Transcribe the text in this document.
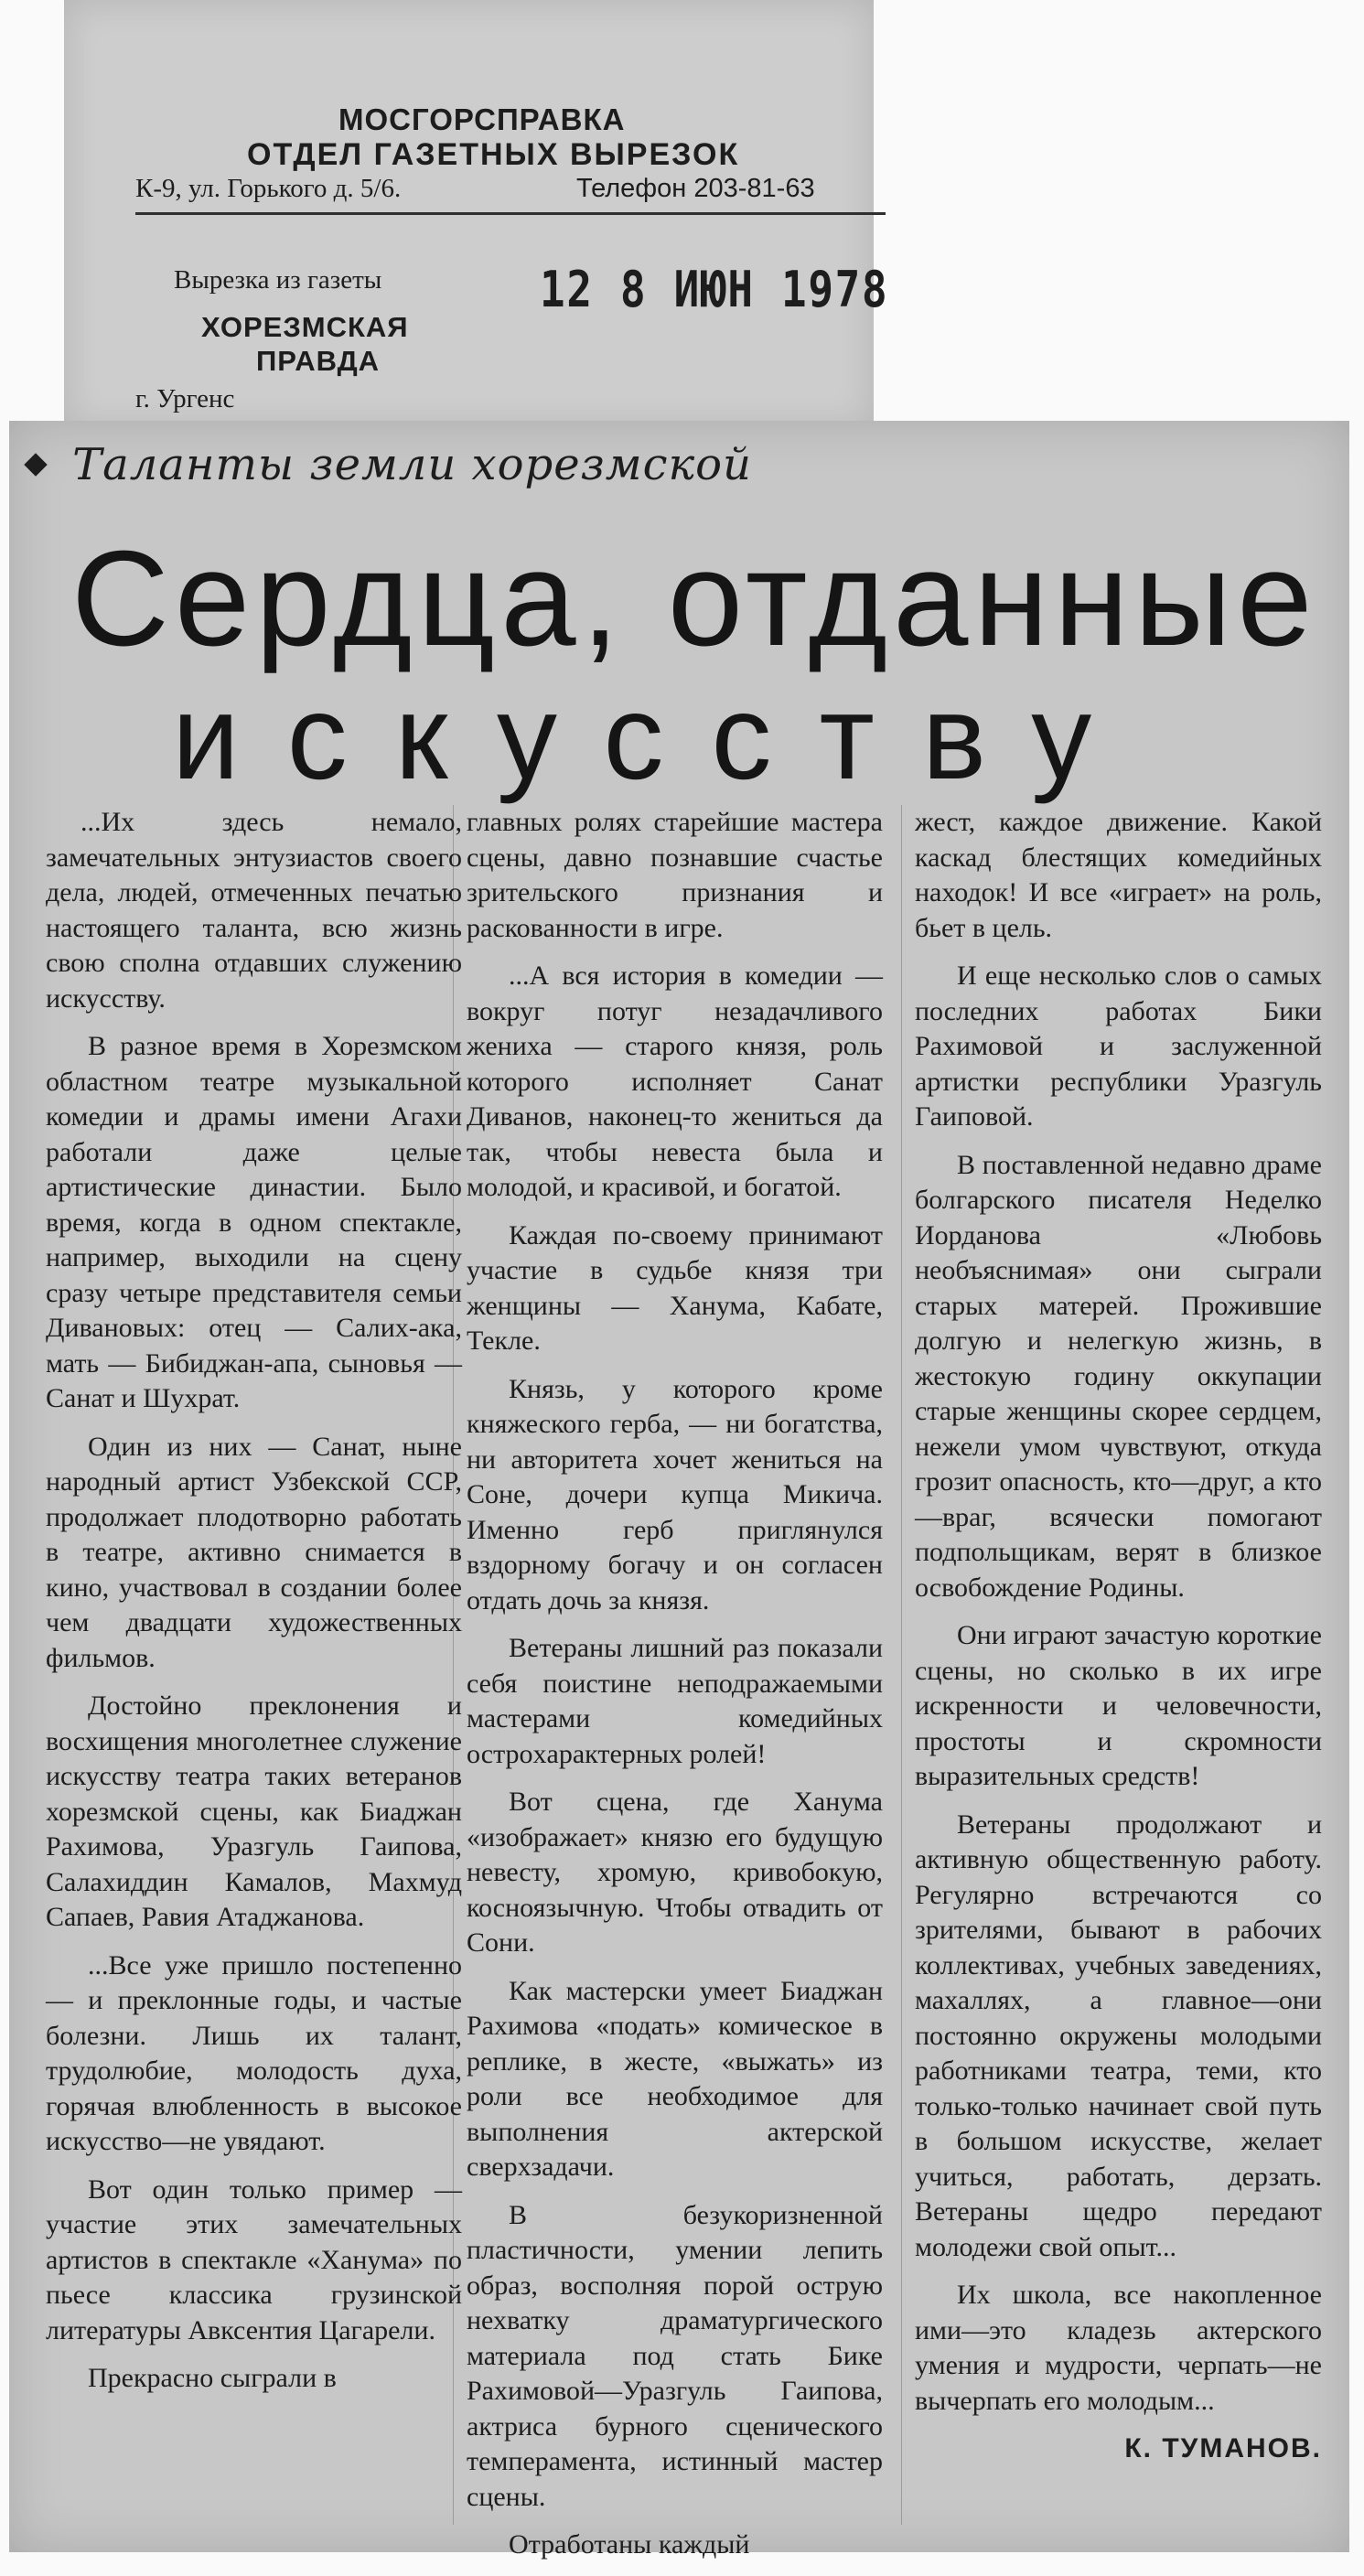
МОСГОРСПРАВКА
ОТДЕЛ ГАЗЕТНЫХ ВЫРЕЗОК
К-9, ул. Горького д. 5/6.	Телефон 203-81-63
Вырезка из газеты	12 8 ИЮН 1978
ХОРЕЗМСКАЯ
ПРАВДА
г. Ургенс
Таланты земли хорезмской
Сердца, отданные
искусству

...Их здесь немало, замечательных энтузиастов своего дела, людей, отмеченных печатью настоящего таланта, всю жизнь свою сполна отдавших служению искусству.

В разное время в Хорезмском областном театре музыкальной комедии и драмы имени Агахи работали даже целые артистические династии. Было время, когда в одном спектакле, например, выходили на сцену сразу четыре представителя семьи Дивановых: отец — Салих-ака, мать — Бибиджан-апа, сыновья — Санат и Шухрат.

Один из них — Санат, ныне народный артист Узбекской ССР, продолжает плодотворно работать в театре, активно снимается в кино, участвовал в создании более чем двадцати художественных фильмов.

Достойно преклонения и восхищения многолетнее служение искусству театра таких ветеранов хорезмской сцены, как Биаджан Рахимова, Уразгуль Гаипова, Салахиддин Камалов, Махмуд Сапаев, Равия Атаджанова.

...Все уже пришло постепенно — и преклонные годы, и частые болезни. Лишь их талант, трудолюбие, молодость духа, горячая влюбленность в высокое искусство—не увядают.

Вот один только пример — участие этих замечательных артистов в спектакле «Ханума» по пьесе классика грузинской литературы Авксентия Цагарели.

Прекрасно сыграли в

главных ролях старейшие мастера сцены, давно познавшие счастье зрительского признания и раскованности в игре.

...А вся история в комедии — вокруг потуг незадачливого жениха — старого князя, роль которого исполняет Санат Диванов, наконец-то жениться да так, чтобы невеста была и молодой, и красивой, и богатой.

Каждая по-своему принимают участие в судьбе князя три женщины — Ханума, Кабате, Текле.

Князь, у которого кроме княжеского герба, — ни богатства, ни авторитета хочет жениться на Соне, дочери купца Микича. Именно герб приглянулся вздорному богачу и он согласен отдать дочь за князя.

Ветераны лишний раз показали себя поистине неподражаемыми мастерами комедийных остроxарактерных ролей!

Вот сцена, где Ханума «изображает» князю его будущую невесту, хромую, кривобокую, косноязычную. Чтобы отвадить от Сони.

Как мастерски умеет Биаджан Рахимова «подать» комическое в реплике, в жесте, «выжать» из роли все необходимое для выполнения актерской сверхзадачи.

В безукоризненной пластичности, умении лепить образ, восполняя порой острую нехватку драматургического материала под стать Бике Рахимовой—Уразгуль Гаипова, актриса бурного сценического темперамента, истинный мастер сцены.

Отработаны каждый

жест, каждое движение. Какой каскад блестящих комедийных находок! И все «играет» на роль, бьет в цель.

И еще несколько слов о самых последних работах Бики Рахимовой и заслуженной артистки республики Уразгуль Гаиповой.

В поставленной недавно драме болгарского писателя Неделко Иорданова «Любовь необъяснимая» они сыграли старых матерей. Прожившие долгую и нелегкую жизнь, в жестокую годину оккупации старые женщины скорее сердцем, нежели умом чувствуют, откуда грозит опасность, кто—друг, а кто—враг, всячески помогают подпольщикам, верят в близкое освобождение Родины.

Они играют зачастую короткие сцены, но сколько в их игре искренности и человечности, простоты и скромности выразительных средств!

Ветераны продолжают и активную общественную работу. Регулярно встречаются со зрителями, бывают в рабочих коллективах, учебных заведениях, махаллях, а главное—они постоянно окружены молодыми работниками театра, теми, кто только-только начинает свой путь в большом искусстве, желает учиться, работать, дерзать. Ветераны щедро передают молодежи свой опыт...

Их школа, все накопленное ими—это кладезь актерского умения и мудрости, черпать—не вычерпать его молодым...

К. ТУМАНОВ.
